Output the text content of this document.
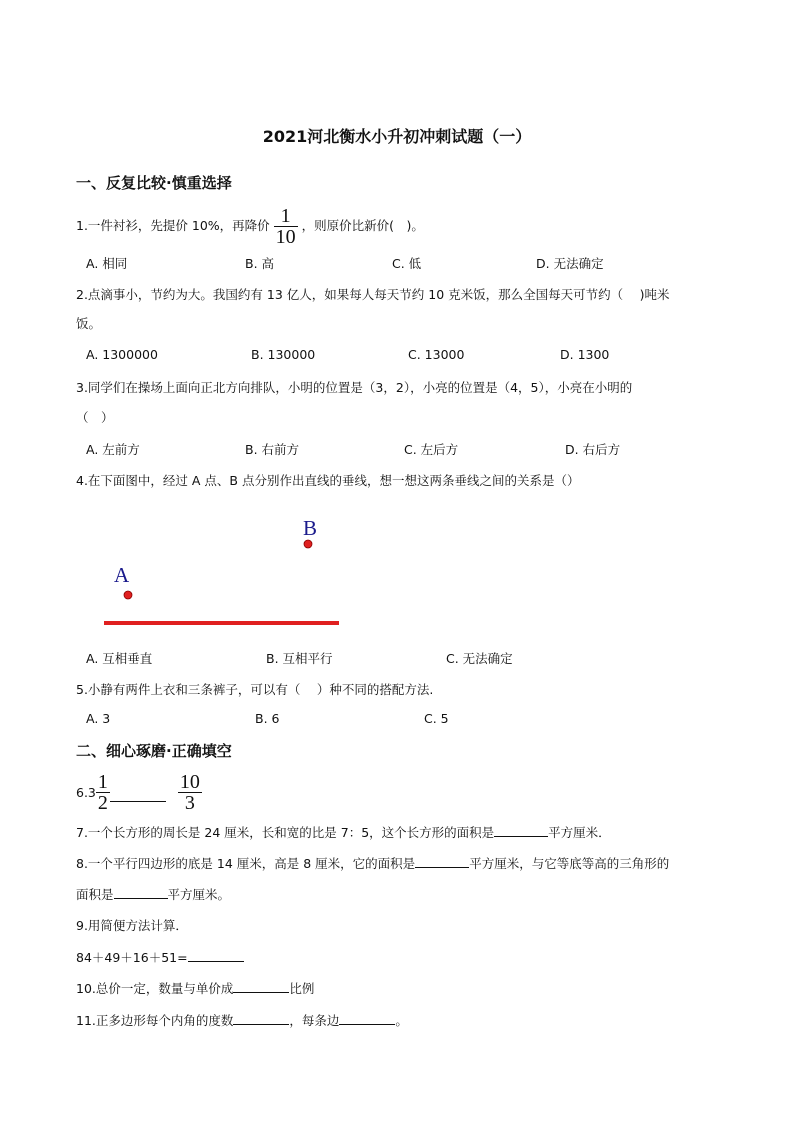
2021河北衡水小升初冲刺试题（一）
一、反复比较·慎重选择
1.一件衬衫，先提价 10%，再降价 $\frac{1}{10}$ ，则原价比新价(　)。
A. 相同	B. 高	C. 低	D. 无法确定
2.点滴事小，节约为大。我国约有 13 亿人，如果每人每天节约 10 克米饭，那么全国每天可节约（　 )吨米
饭。
A. 1300000	B. 130000	C. 13000	D. 1300
3.同学们在操场上面向正北方向排队，小明的位置是（3，2），小亮的位置是（4，5），小亮在小明的
（　）
A. 左前方	B. 右前方	C. 左后方	D. 右后方
4.在下面图中，经过 A 点、B 点分别作出直线的垂线，想一想这两条垂线之间的关系是（）
B
A
A. 互相垂直	B. 互相平行	C. 无法确定
5.小静有两件上衣和三条裤子，可以有（　 ）种不同的搭配方法.
A. 3	B. 6	C. 5
二、细心琢磨·正确填空
$6.3 \frac{1}{2}$
	$\frac{10}{3}$
7.一个长方形的周长是 24 厘米，长和宽的比是 7：5，这个长方形的面积是	平方厘米．
8.一个平行四边形的底是 14 厘米，高是 8 厘米，它的面积是	平方厘米，与它等底等高的三角形的
面积是	平方厘米。
9.用简便方法计算．
84＋49＋16＋51=
10.总价一定，数量与单价成	比例
11.正多边形每个内角的度数	，每条边	。
